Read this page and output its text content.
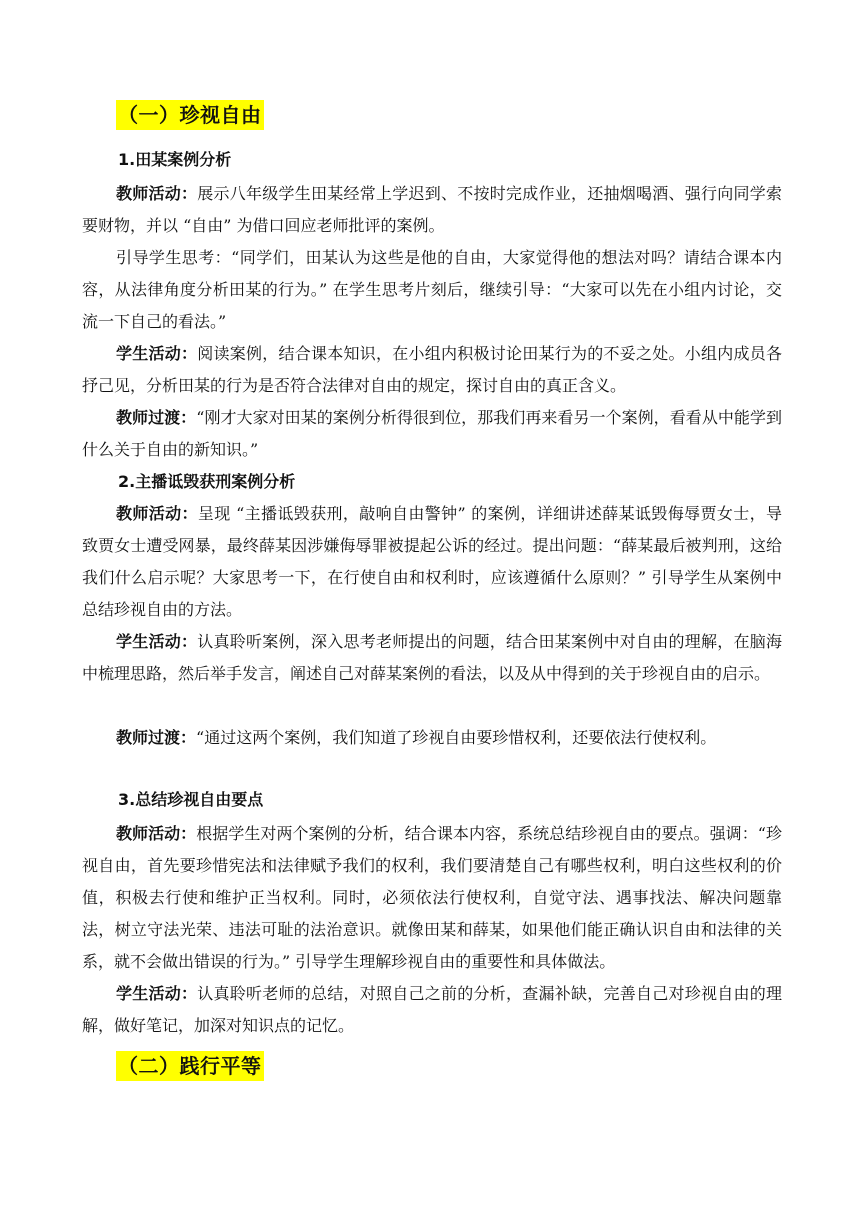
（一）珍视自由
1.田某案例分析

教师活动：展示八年级学生田某经常上学迟到、不按时完成作业，还抽烟喝酒、强行向同学索要财物，并以 “自由” 为借口回应老师批评的案例。

引导学生思考：“同学们，田某认为这些是他的自由，大家觉得他的想法对吗？请结合课本内容，从法律角度分析田某的行为。” 在学生思考片刻后，继续引导：“大家可以先在小组内讨论，交流一下自己的看法。”

学生活动：阅读案例，结合课本知识，在小组内积极讨论田某行为的不妥之处。小组内成员各抒己见，分析田某的行为是否符合法律对自由的规定，探讨自由的真正含义。

教师过渡：“刚才大家对田某的案例分析得很到位，那我们再来看另一个案例，看看从中能学到什么关于自由的新知识。”

2.主播诋毁获刑案例分析

教师活动：呈现 “主播诋毁获刑，敲响自由警钟” 的案例，详细讲述薛某诋毁侮辱贾女士，导致贾女士遭受网暴，最终薛某因涉嫌侮辱罪被提起公诉的经过。提出问题：“薛某最后被判刑，这给我们什么启示呢？大家思考一下，在行使自由和权利时，应该遵循什么原则？” 引导学生从案例中总结珍视自由的方法。

学生活动：认真聆听案例，深入思考老师提出的问题，结合田某案例中对自由的理解，在脑海中梳理思路，然后举手发言，阐述自己对薛某案例的看法，以及从中得到的关于珍视自由的启示。

教师过渡：“通过这两个案例，我们知道了珍视自由要珍惜权利，还要依法行使权利。

3.总结珍视自由要点

教师活动：根据学生对两个案例的分析，结合课本内容，系统总结珍视自由的要点。强调：“珍视自由，首先要珍惜宪法和法律赋予我们的权利，我们要清楚自己有哪些权利，明白这些权利的价值，积极去行使和维护正当权利。同时，必须依法行使权利，自觉守法、遇事找法、解决问题靠法，树立守法光荣、违法可耻的法治意识。就像田某和薛某，如果他们能正确认识自由和法律的关系，就不会做出错误的行为。” 引导学生理解珍视自由的重要性和具体做法。

学生活动：认真聆听老师的总结，对照自己之前的分析，查漏补缺，完善自己对珍视自由的理解，做好笔记，加深对知识点的记忆。

（二）践行平等
